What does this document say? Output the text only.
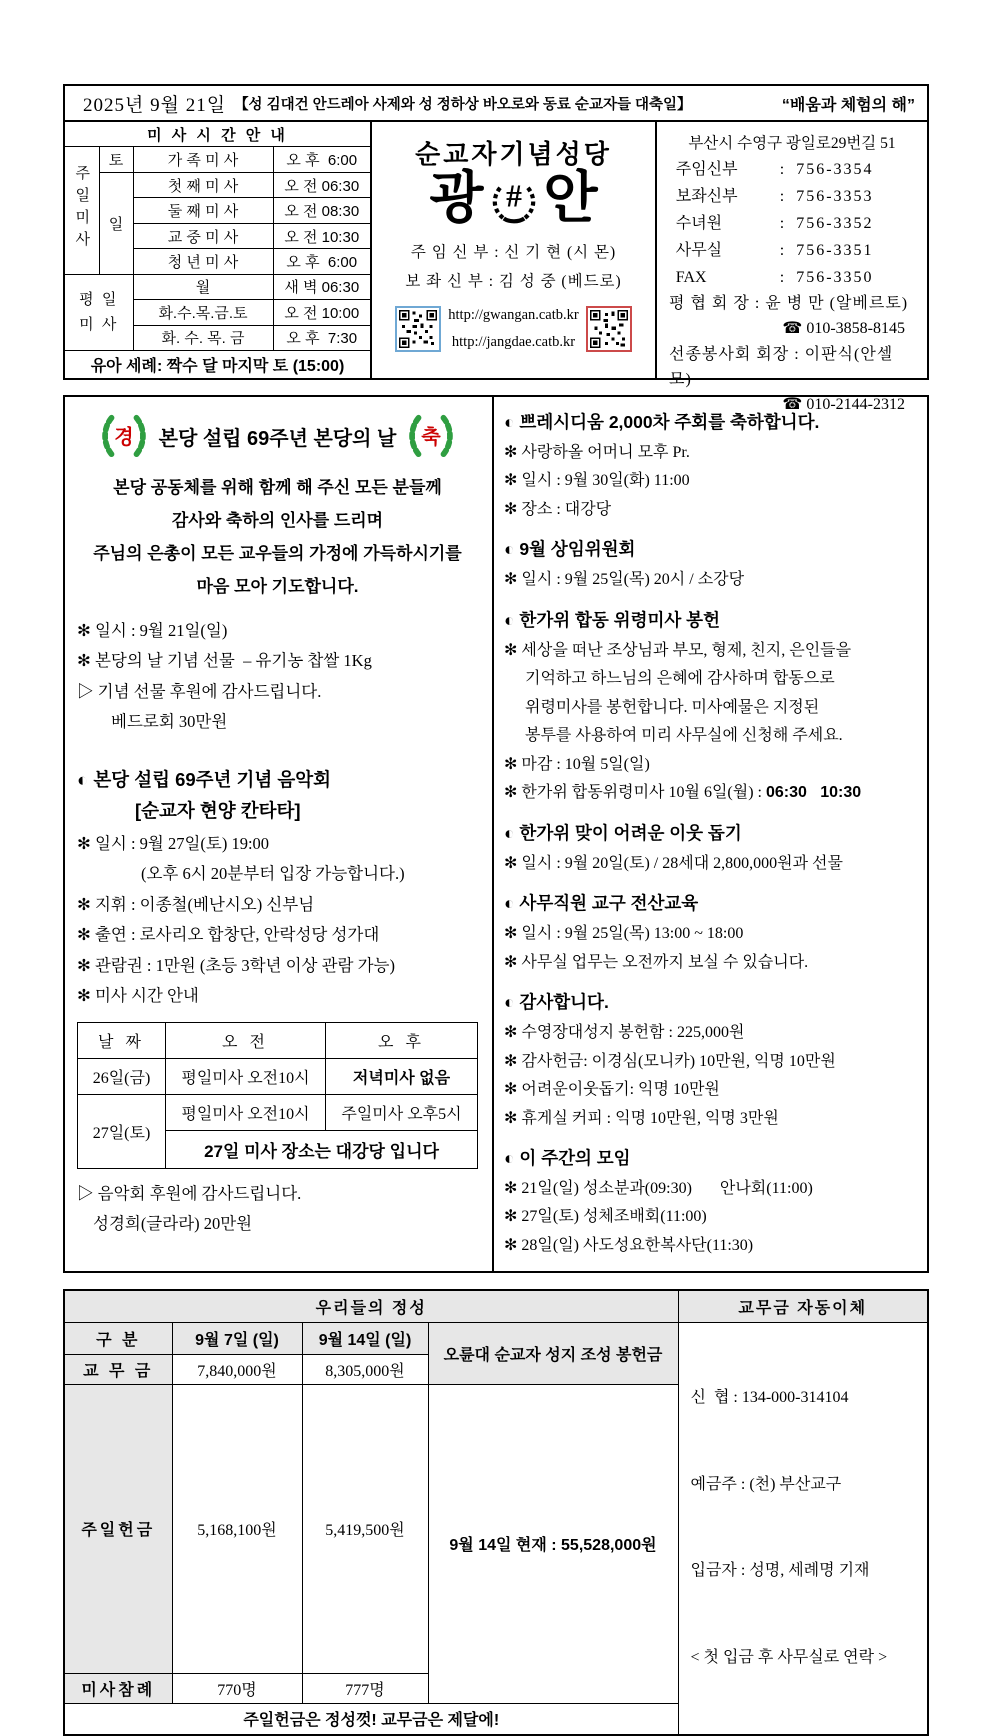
2025년 9월 21일 【성 김대건 안드레아 사제와 성 정하상 바오로와 동료 순교자들 대축일】	“배움과 체험의 해”
미 사 시 간 안 내			
주일미사	토	가 족 미 사	오 후  6:00
	일	첫 째 미 사	오 전 06:30
		둘 째 미 사	오 전 08:30
		교 중 미 사	오 전 10:30
		청 년 미 사	오 후  6:00
평 일  미 사		월	새 벽 06:30
		화.수.목.금.토	오 전 10:00
		화. 수. 목. 금	오 후  7:30
유아 세례: 짝수 달 마지막 토 (15:00)			
순교자기념성당
광 # 안
주 임 신 부 : 신 기 현 (시 몬)
보 좌 신 부 : 김 성 중 (베드로)
http://gwangan.catb.kr
http://jangdae.catb.kr
부산시 수영구 광일로29번길 51
주임신부	: 756-3354
보좌신부	: 756-3353
수녀원	: 756-3352
사무실	: 756-3351
FAX	: 756-3350
평 협 회 장 : 윤 병 만 (알베르토)
☎ 010-3858-8145
선종봉사회 회장 : 이판식(안셀모)
☎ 010-2144-2312
경 본당 설립 69주년 본당의 날 축
본당 공동체를 위해 함께 해 주신 모든 분들께
감사와 축하의 인사를 드리며
주님의 은총이 모든 교우들의 가정에 가득하시기를
마음 모아 기도합니다.
✻ 일시 : 9월 21일(일)
✻ 본당의 날 기념 선물  – 유기농 찹쌀 1Kg
▷ 기념 선물 후원에 감사드립니다.
베드로회 30만원
◐ 본당 설립 69주년 기념 음악회
[순교자 현양 칸타타]
✻ 일시 : 9월 27일(토) 19:00
(오후 6시 20분부터 입장 가능합니다.)
✻ 지휘 : 이종철(베난시오) 신부님
✻ 출연 : 로사리오 합창단, 안락성당 성가대
✻ 관람권 : 1만원 (초등 3학년 이상 관람 가능)
✻ 미사 시간 안내
날 짜	오 전	오 후
26일(금)	평일미사 오전10시	저녁미사 없음
27일(토)	평일미사 오전10시	주일미사 오후5시
	27일 미사 장소는 대강당 입니다	
▷ 음악회 후원에 감사드립니다.
성경희(글라라) 20만원
◐ 쁘레시디움 2,000차 주회를 축하합니다.
✻ 사랑하올 어머니 모후 Pr.
✻ 일시 : 9월 30일(화) 11:00
✻ 장소 : 대강당
◐ 9월 상임위원회
✻ 일시 : 9월 25일(목) 20시 / 소강당
◐ 한가위 합동 위령미사 봉헌
✻ 세상을 떠난 조상님과 부모, 형제, 친지, 은인들을
기억하고 하느님의 은혜에 감사하며 합동으로
위령미사를 봉헌합니다. 미사예물은 지정된
봉투를 사용하여 미리 사무실에 신청해 주세요.
✻ 마감 : 10월 5일(일)
✻ 한가위 합동위령미사 10월 6일(월) : 06:30   10:30
◐ 한가위 맞이 어려운 이웃 돕기
✻ 일시 : 9월 20일(토) / 28세대 2,800,000원과 선물
◐ 사무직원 교구 전산교육
✻ 일시 : 9월 25일(목) 13:00 ~ 18:00
✻ 사무실 업무는 오전까지 보실 수 있습니다.
◐ 감사합니다.
✻ 수영장대성지 봉헌함 : 225,000원
✻ 감사헌금: 이경심(모니카) 10만원, 익명 10만원
✻ 어려운이웃돕기: 익명 10만원
✻ 휴게실 커피 : 익명 10만원, 익명 3만원
◐ 이 주간의 모임
✻ 21일(일) 성소분과(09:30)       안나회(11:00)
✻ 27일(토) 성체조배회(11:00)
✻ 28일(일) 사도성요한복사단(11:30)
우리들의 정성				교무금 자동이체
구 분	9월 7일 (일)	9월 14일 (일)	오륜대 순교자 성지 조성 봉헌금	신  협 : 134-000-314104

예금주 : (천) 부산교구

입금자 : 성명, 세례명 기재

< 첫 입금 후 사무실로 연락 >

교 무 금	7,840,000원	8,305,000원		
주일헌금	5,168,100원	5,419,500원	9월 14일 현재 : 55,528,000원	
미사참례	770명	777명		
주일헌금은 정성껏! 교무금은 제달에!				
